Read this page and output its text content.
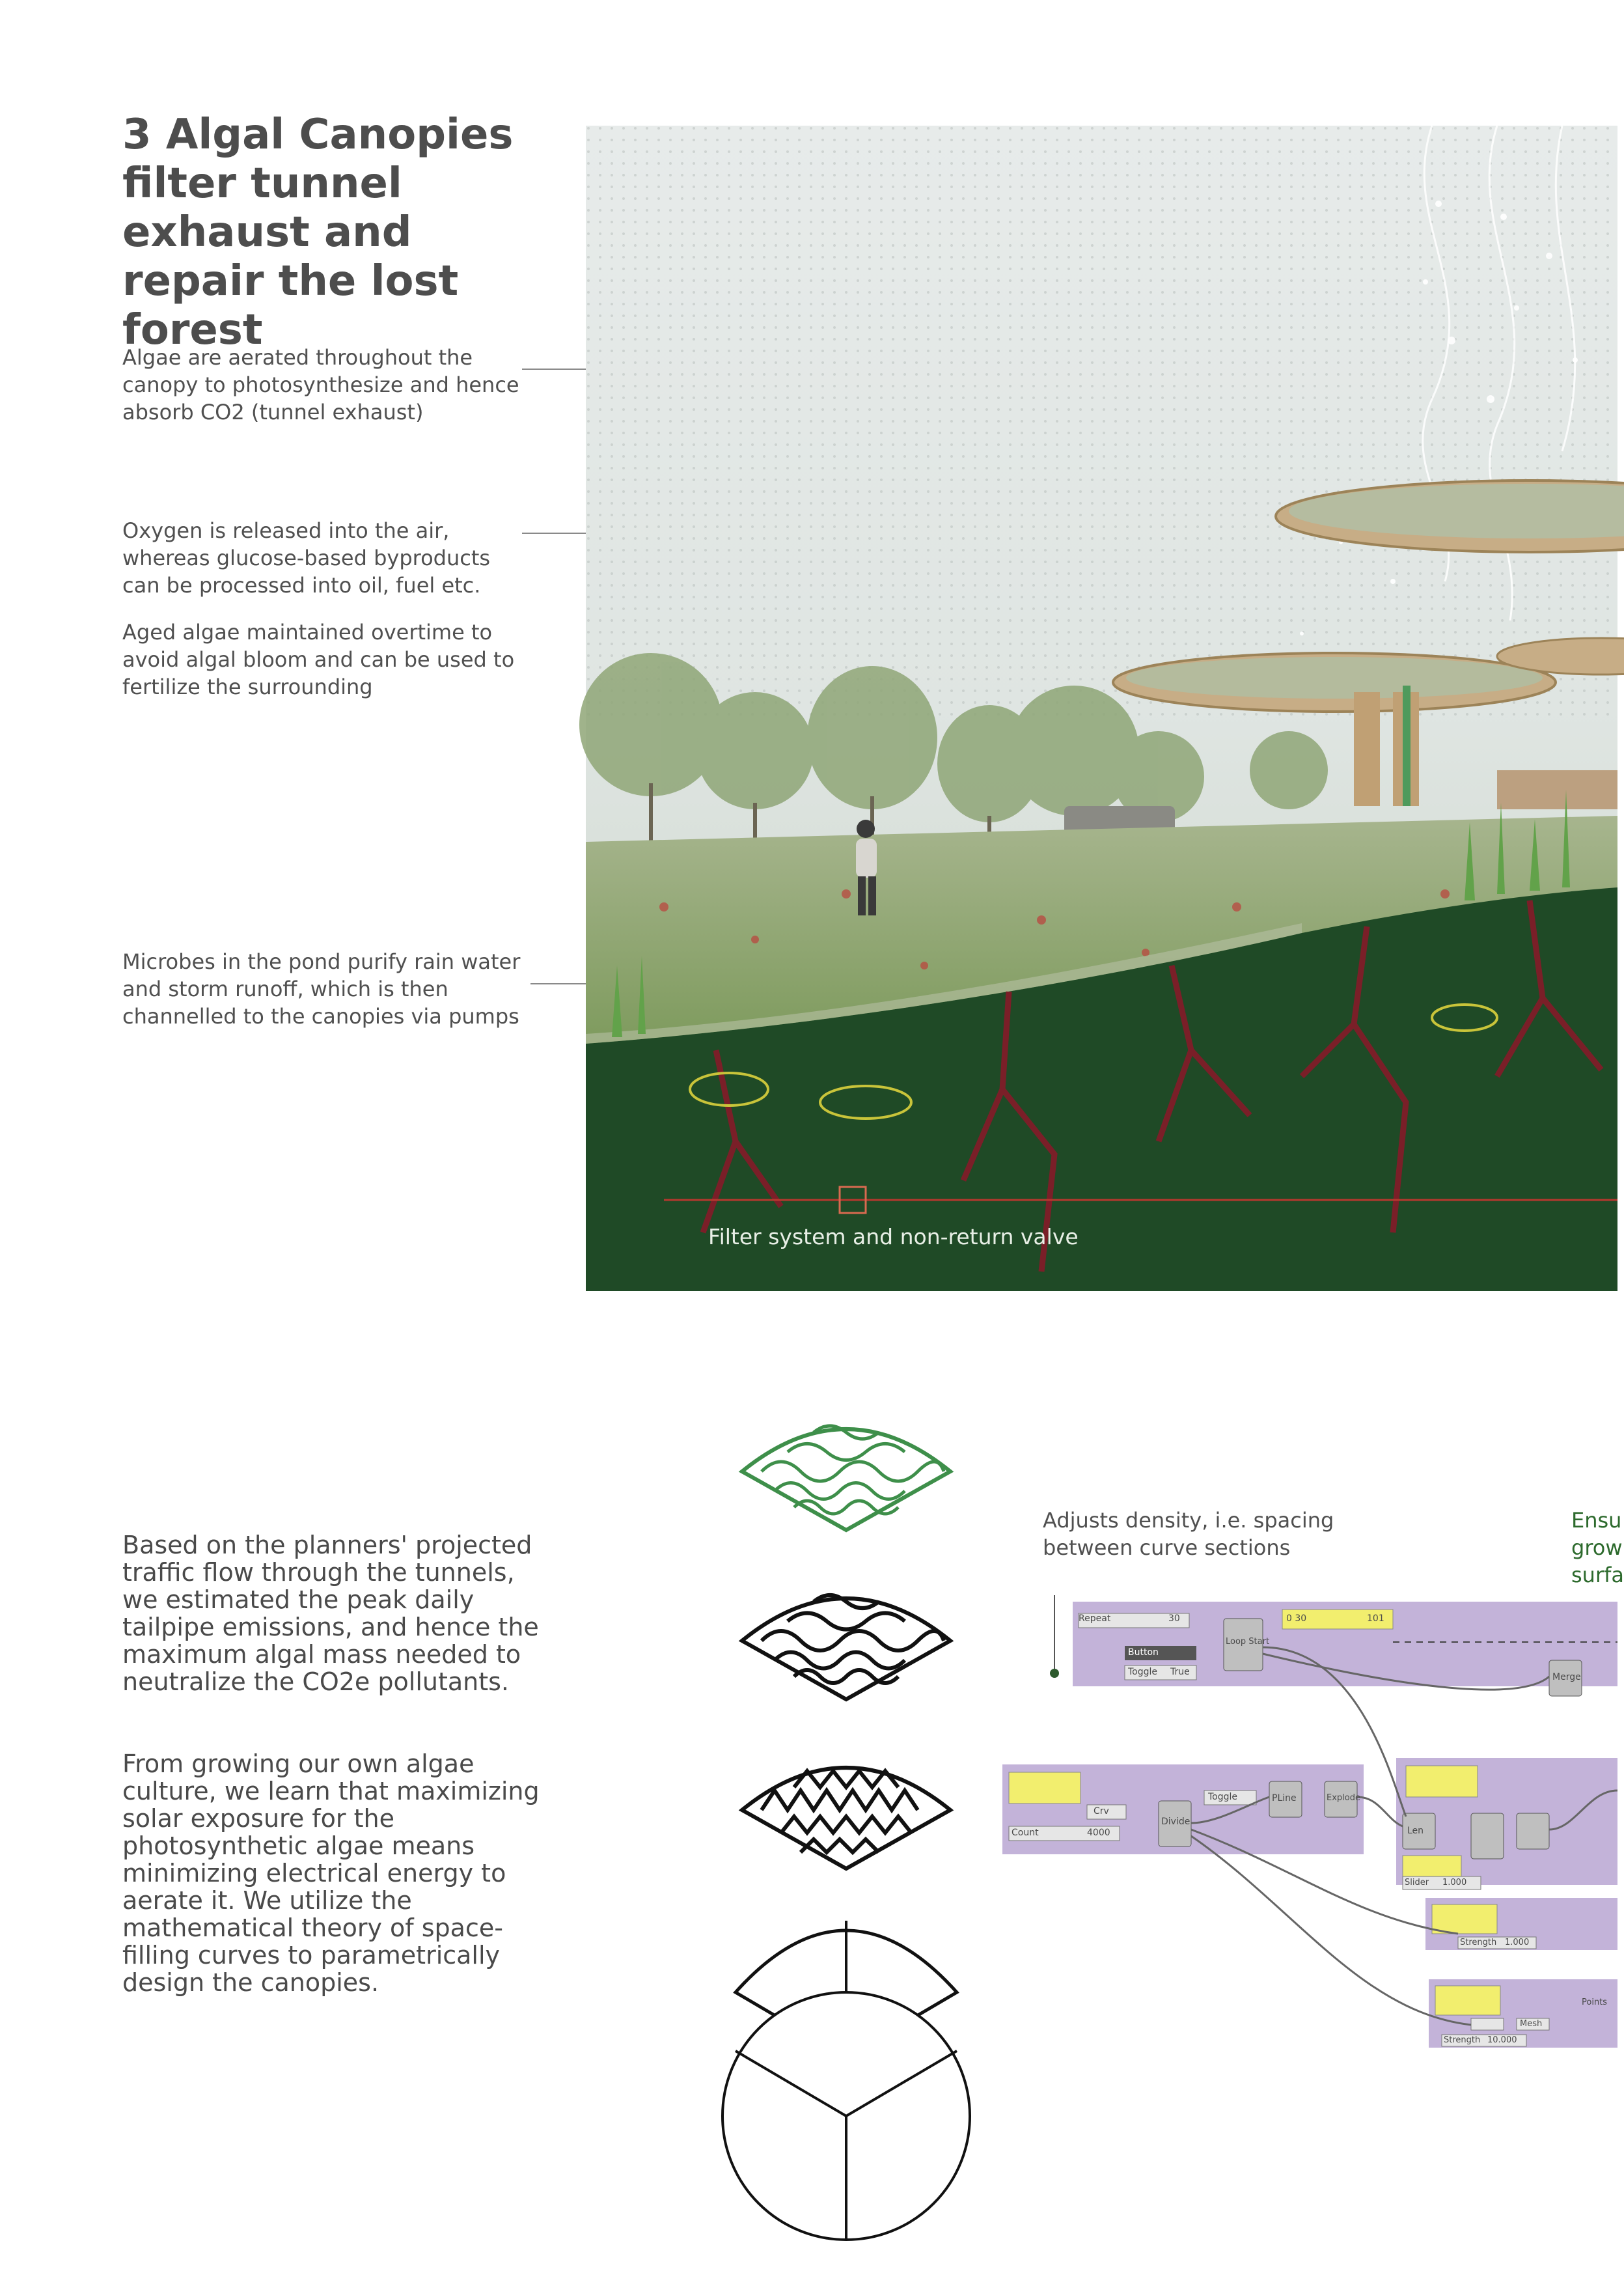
3 Algal Canopies filter tunnel exhaust and repair the lost forest

Algae are aerated throughout the canopy to photosynthesize and hence absorb CO2 (tunnel exhaust)

Oxygen is released into the air, whereas glucose-based byproducts can be processed into oil, fuel etc.

Aged algae maintained overtime to avoid algal bloom and can be used to fertilize the surrounding

Microbes in the pond purify rain water and storm runoff, which is then channelled to the canopies via pumps

Filter system and non-return valve

Based on the planners' projected traffic flow through the tunnels, we estimated the peak daily tailpipe emissions, and hence the maximum algal mass needed to neutralize the CO2e pollutants.

From growing our own algae culture, we learn that maximizing solar exposure for the photosynthetic algae means minimizing electrical energy to aerate it. We utilize the mathematical theory of space-filling curves to parametrically design the canopies.

Adjusts density, i.e. spacing between curve sections
Ensu grow surfa
Repeat	30
Button
Toggle True
0 30	101
Loop Start
Merge
Count	4000
Crv
Divide
Toggle	PLine	Explode
Len
Slider 1.000
Strength 1.000
Mesh
Strength 10.000
Points
